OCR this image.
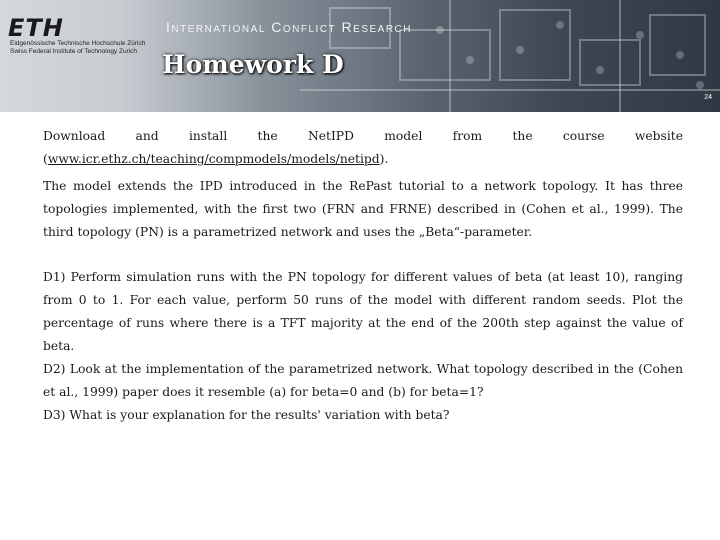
ETH
Eidgenössische Technische Hochschule Zürich
Swiss Federal Institute of Technology Zurich
International Conflict Research
Homework D
24

Download and install the NetIPD model from the course website (www.icr.ethz.ch/teaching/compmodels/models/netipd).

The model extends the IPD introduced in the RePast tutorial to a network topology. It has three topologies implemented, with the first two (FRN and FRNE) described in (Cohen et al., 1999). The third topology (PN) is a parametrized network and uses the „Beta“-parameter.

D1) Perform simulation runs with the PN topology for different values of beta (at least 10), ranging from 0 to 1. For each value, perform 50 runs of the model with different random seeds. Plot the percentage of runs where there is a TFT majority at the end of the 200th step against the value of beta.

D2) Look at the implementation of the parametrized network. What topology described in the (Cohen et al., 1999) paper does it resemble (a) for beta=0 and (b) for beta=1?

D3) What is your explanation for the results' variation with beta?
